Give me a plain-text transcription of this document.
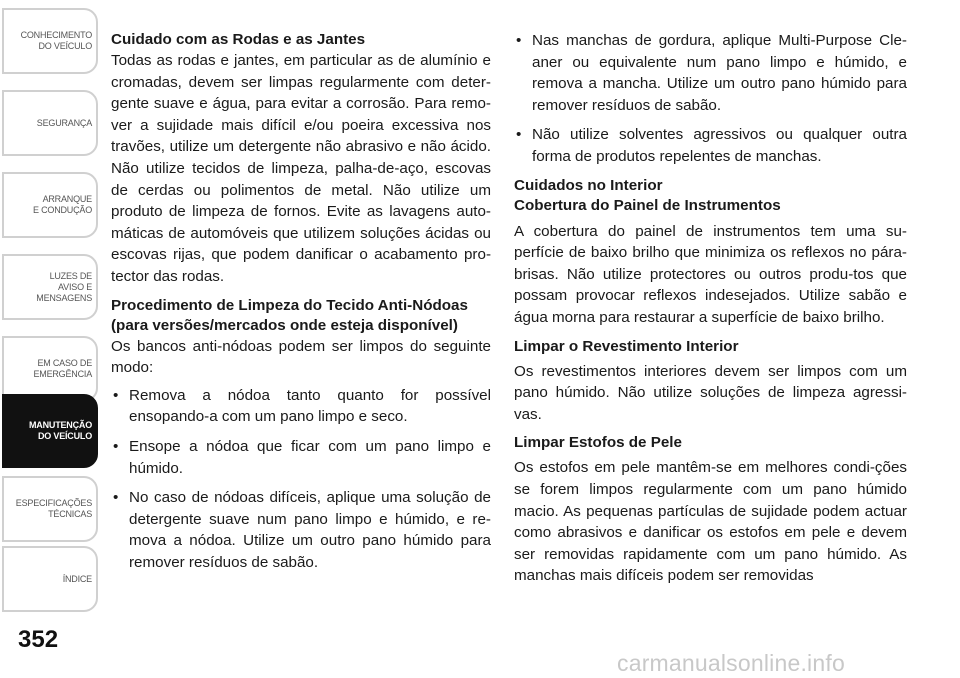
CONHECIMENTO
DO VEÍCULO
SEGURANÇA
ARRANQUE
E CONDUÇÃO
LUZES DE
AVISO E
MENSAGENS
EM CASO DE
EMERGÊNCIA
MANUTENÇÃO
DO VEÍCULO
ESPECIFICAÇÕES
TÉCNICAS
ÍNDICE
352
Cuidado com as Rodas e as Jantes

Todas as rodas e jantes, em particular as de alumínio e cromadas, devem ser limpas regularmente com deter-gente suave e água, para evitar a corrosão. Para remo-ver a sujidade mais difícil e/ou poeira excessiva nos travões, utilize um detergente não abrasivo e não ácido. Não utilize tecidos de limpeza, palha-de-aço, escovas de cerdas ou polimentos de metal. Não utilize um produto de limpeza de fornos. Evite as lavagens auto-máticas de automóveis que utilizem soluções ácidas ou escovas rijas, que podem danificar o acabamento pro-tector das rodas.

Procedimento de Limpeza do Tecido Anti-Nódoas (para versões/mercados onde esteja disponível)

Os bancos anti-nódoas podem ser limpos do seguinte modo:

• Remova a nódoa tanto quanto for possível ensopando-a com um pano limpo e seco.
• Ensope a nódoa que ficar com um pano limpo e húmido.
• No caso de nódoas difíceis, aplique uma solução de detergente suave num pano limpo e húmido, e re-mova a nódoa. Utilize um outro pano húmido para remover resíduos de sabão.
• Nas manchas de gordura, aplique Multi-Purpose Cle-aner ou equivalente num pano limpo e húmido, e remova a mancha. Utilize um outro pano húmido para remover resíduos de sabão.
• Não utilize solventes agressivos ou qualquer outra forma de produtos repelentes de manchas.
Cuidados no Interior
Cobertura do Painel de Instrumentos

A cobertura do painel de instrumentos tem uma su-perfície de baixo brilho que minimiza os reflexos no pára-brisas. Não utilize protectores ou outros produ-tos que possam provocar reflexos indesejados. Utilize sabão e água morna para restaurar a superfície de baixo brilho.

Limpar o Revestimento Interior

Os revestimentos interiores devem ser limpos com um pano húmido. Não utilize soluções de limpeza agressi-vas.

Limpar Estofos de Pele

Os estofos em pele mantêm-se em melhores condi-ções se forem limpos regularmente com um pano húmido macio. As pequenas partículas de sujidade podem actuar como abrasivos e danificar os estofos em pele e devem ser removidas rapidamente com um pano húmido. As manchas mais difíceis podem ser removidas

carmanualsonline.info
